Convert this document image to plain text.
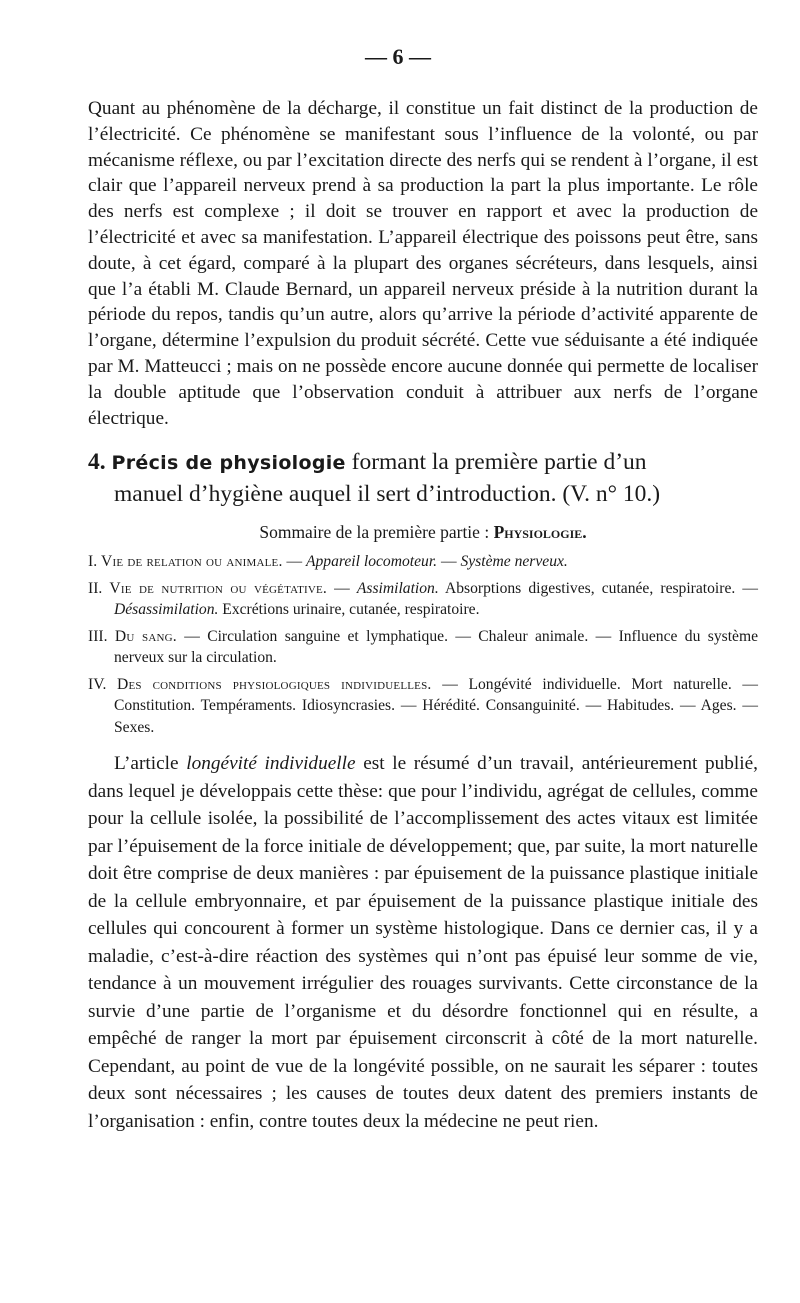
— 6 —

Quant au phénomène de la décharge, il constitue un fait distinct de la production de l’électricité. Ce phénomène se manifestant sous l’influence de la volonté, ou par mécanisme réflexe, ou par l’excitation directe des nerfs qui se rendent à l’organe, il est clair que l’appareil nerveux prend à sa production la part la plus importante. Le rôle des nerfs est complexe ; il doit se trouver en rapport et avec la production de l’électricité et avec sa manifestation. L’appareil électrique des poissons peut être, sans doute, à cet égard, comparé à la plupart des organes sécréteurs, dans lesquels, ainsi que l’a établi M. Claude Bernard, un appareil nerveux préside à la nutrition durant la période du repos, tandis qu’un autre, alors qu’arrive la période d’activité apparente de l’organe, détermine l’expulsion du produit sécrété. Cette vue séduisante a été indiquée par M. Matteucci ; mais on ne possède encore aucune donnée qui permette de localiser la double aptitude que l’observation conduit à attribuer aux nerfs de l’organe électrique.

4. Précis de physiologie formant la première partie d’un
manuel d’hygiène auquel il sert d’introduction. (V. n° 10.)
Sommaire de la première partie : Physiologie.
I. Vie de relation ou animale. — Appareil locomoteur. — Système nerveux.
II. Vie de nutrition ou végétative. — Assimilation. Absorptions digestives, cutanée, respiratoire. — Désassimilation. Excrétions urinaire, cutanée, respiratoire.
III. Du sang. — Circulation sanguine et lymphatique. — Chaleur animale. — Influence du système nerveux sur la circulation.
IV. Des conditions physiologiques individuelles. — Longévité individuelle. Mort naturelle. — Constitution. Tempéraments. Idiosyncrasies. — Hérédité. Consanguinité. — Habitudes. — Ages. — Sexes.

L’article longévité individuelle est le résumé d’un travail, antérieurement publié, dans lequel je développais cette thèse: que pour l’individu, agrégat de cellules, comme pour la cellule isolée, la possibilité de l’accomplissement des actes vitaux est limitée par l’épuisement de la force initiale de développement; que, par suite, la mort naturelle doit être comprise de deux manières : par épuisement de la puissance plastique initiale de la cellule embryonnaire, et par épuisement de la puissance plastique initiale des cellules qui concourent à former un système histologique. Dans ce dernier cas, il y a maladie, c’est-à-dire réaction des systèmes qui n’ont pas épuisé leur somme de vie, tendance à un mouvement irrégulier des rouages survivants. Cette circonstance de la survie d’une partie de l’organisme et du désordre fonctionnel qui en résulte, a empêché de ranger la mort par épuisement circonscrit à côté de la mort naturelle. Cependant, au point de vue de la longévité possible, on ne saurait les séparer : toutes deux sont nécessaires ; les causes de toutes deux datent des premiers instants de l’organisation : enfin, contre toutes deux la médecine ne peut rien.
